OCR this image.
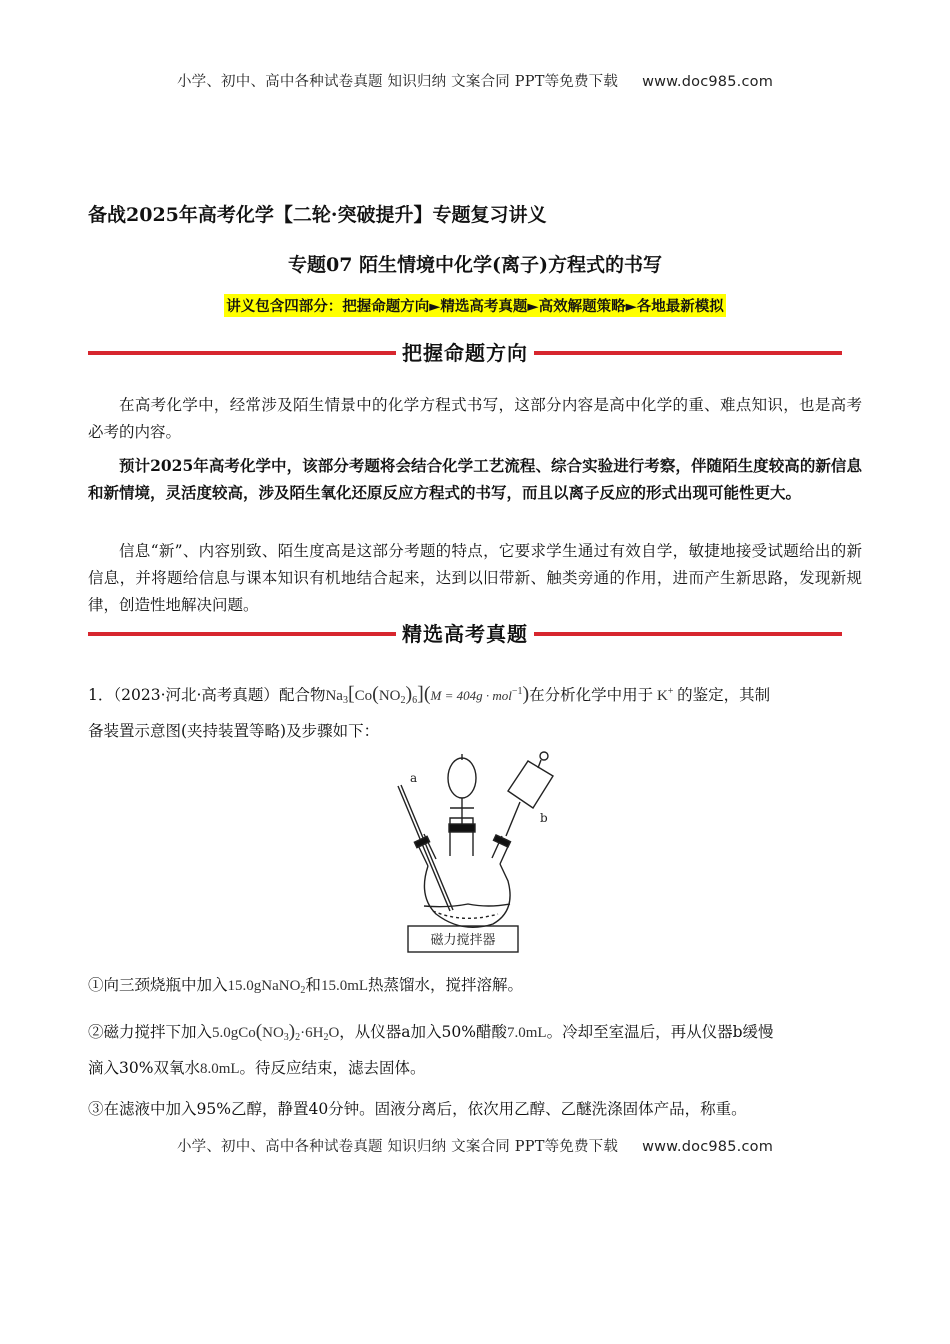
小学、初中、高中各种试卷真题 知识归纳 文案合同 PPT等免费下载 www.doc985.com
备战2025年高考化学【二轮·突破提升】专题复习讲义
专题07 陌生情境中化学(离子)方程式的书写
讲义包含四部分：把握命题方向►精选高考真题►高效解题策略►各地最新模拟
把握命题方向
在高考化学中，经常涉及陌生情景中的化学方程式书写，这部分内容是高中化学的重、难点知识，也是高考必考的内容。
预计2025年高考化学中，该部分考题将会结合化学工艺流程、综合实验进行考察，伴随陌生度较高的新信息和新情境，灵活度较高，涉及陌生氧化还原反应方程式的书写，而且以离子反应的形式出现可能性更大。
信息“新”、内容别致、陌生度高是这部分考题的特点，它要求学生通过有效自学，敏捷地接受试题给出的新信息，并将题给信息与课本知识有机地结合起来，达到以旧带新、触类旁通的作用，进而产生新思路，发现新规律，创造性地解决问题。
精选高考真题
1．（2023·河北·高考真题）配合物$Na_3[Co(NO_2)_6](M = 404g \cdot mol^{-1})$在分析化学中用于 K+ 的鉴定，其制
备装置示意图(夹持装置等略)及步骤如下：
a
b
磁力搅拌器
①向三颈烧瓶中加入15.0gNaNO$_2$和15.0mL热蒸馏水，搅拌溶解。
②磁力搅拌下加入$5.0gCo(NO_3)_2\cdot 6H_2O$，从仪器a加入50%醋酸7.0mL。冷却至室温后，再从仪器b缓慢
滴入30%双氧水8.0mL。待反应结束，滤去固体。
③在滤液中加入95%乙醇，静置40分钟。固液分离后，依次用乙醇、乙醚洗涤固体产品，称重。
小学、初中、高中各种试卷真题 知识归纳 文案合同 PPT等免费下载 www.doc985.com
